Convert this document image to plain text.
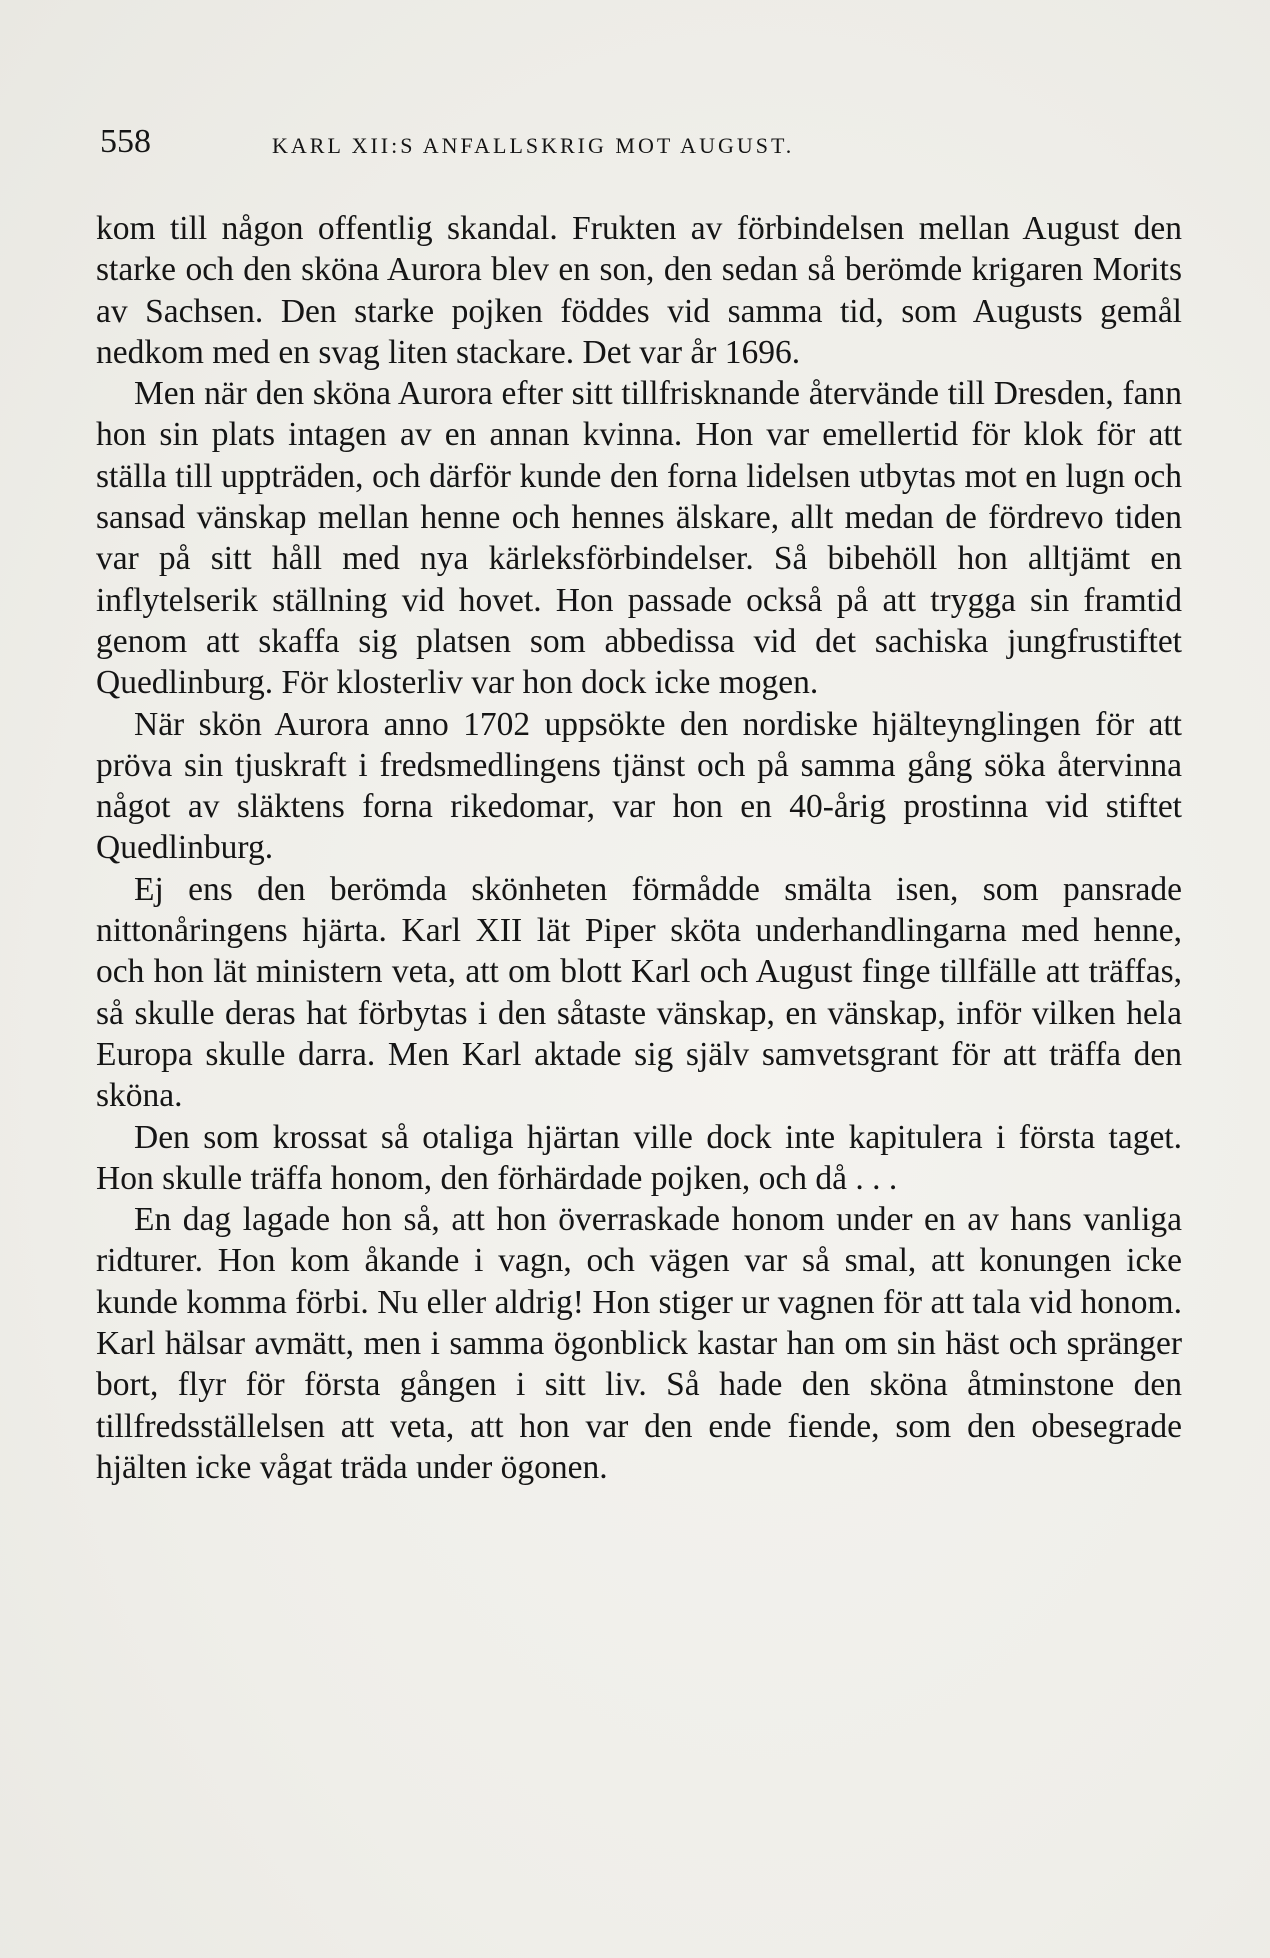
558	KARL XII:S ANFALLSKRIG MOT AUGUST.

kom till någon offentlig skandal. Frukten av förbindelsen mellan August den starke och den sköna Aurora blev en son, den sedan så berömde krigaren Morits av Sachsen. Den starke pojken föddes vid samma tid, som Augusts gemål nedkom med en svag liten stackare. Det var år 1696.

Men när den sköna Aurora efter sitt tillfrisknande återvände till Dresden, fann hon sin plats intagen av en annan kvinna. Hon var emellertid för klok för att ställa till uppträden, och därför kunde den forna lidelsen utbytas mot en lugn och sansad vänskap mellan henne och hennes älskare, allt medan de fördrevo tiden var på sitt håll med nya kärleksförbindelser. Så bibehöll hon alltjämt en inflytelserik ställning vid hovet. Hon passade också på att trygga sin framtid genom att skaffa sig platsen som abbedissa vid det sachiska jungfrustiftet Quedlinburg. För klosterliv var hon dock icke mogen.

När skön Aurora anno 1702 uppsökte den nordiske hjälteynglingen för att pröva sin tjuskraft i fredsmedlingens tjänst och på samma gång söka återvinna något av släktens forna rikedomar, var hon en 40-årig prostinna vid stiftet Quedlinburg.

Ej ens den berömda skönheten förmådde smälta isen, som pansrade nittonåringens hjärta. Karl XII lät Piper sköta underhandlingarna med henne, och hon lät ministern veta, att om blott Karl och August finge tillfälle att träffas, så skulle deras hat förbytas i den såtaste vänskap, en vänskap, inför vilken hela Europa skulle darra. Men Karl aktade sig själv samvetsgrant för att träffa den sköna.

Den som krossat så otaliga hjärtan ville dock inte kapitulera i första taget. Hon skulle träffa honom, den förhärdade pojken, och då . . .

En dag lagade hon så, att hon överraskade honom under en av hans vanliga ridturer. Hon kom åkande i vagn, och vägen var så smal, att konungen icke kunde komma förbi. Nu eller aldrig! Hon stiger ur vagnen för att tala vid honom. Karl hälsar avmätt, men i samma ögonblick kastar han om sin häst och spränger bort, flyr för första gången i sitt liv. Så hade den sköna åtminstone den tillfredsställelsen att veta, att hon var den ende fiende, som den obesegrade hjälten icke vågat träda under ögonen.
